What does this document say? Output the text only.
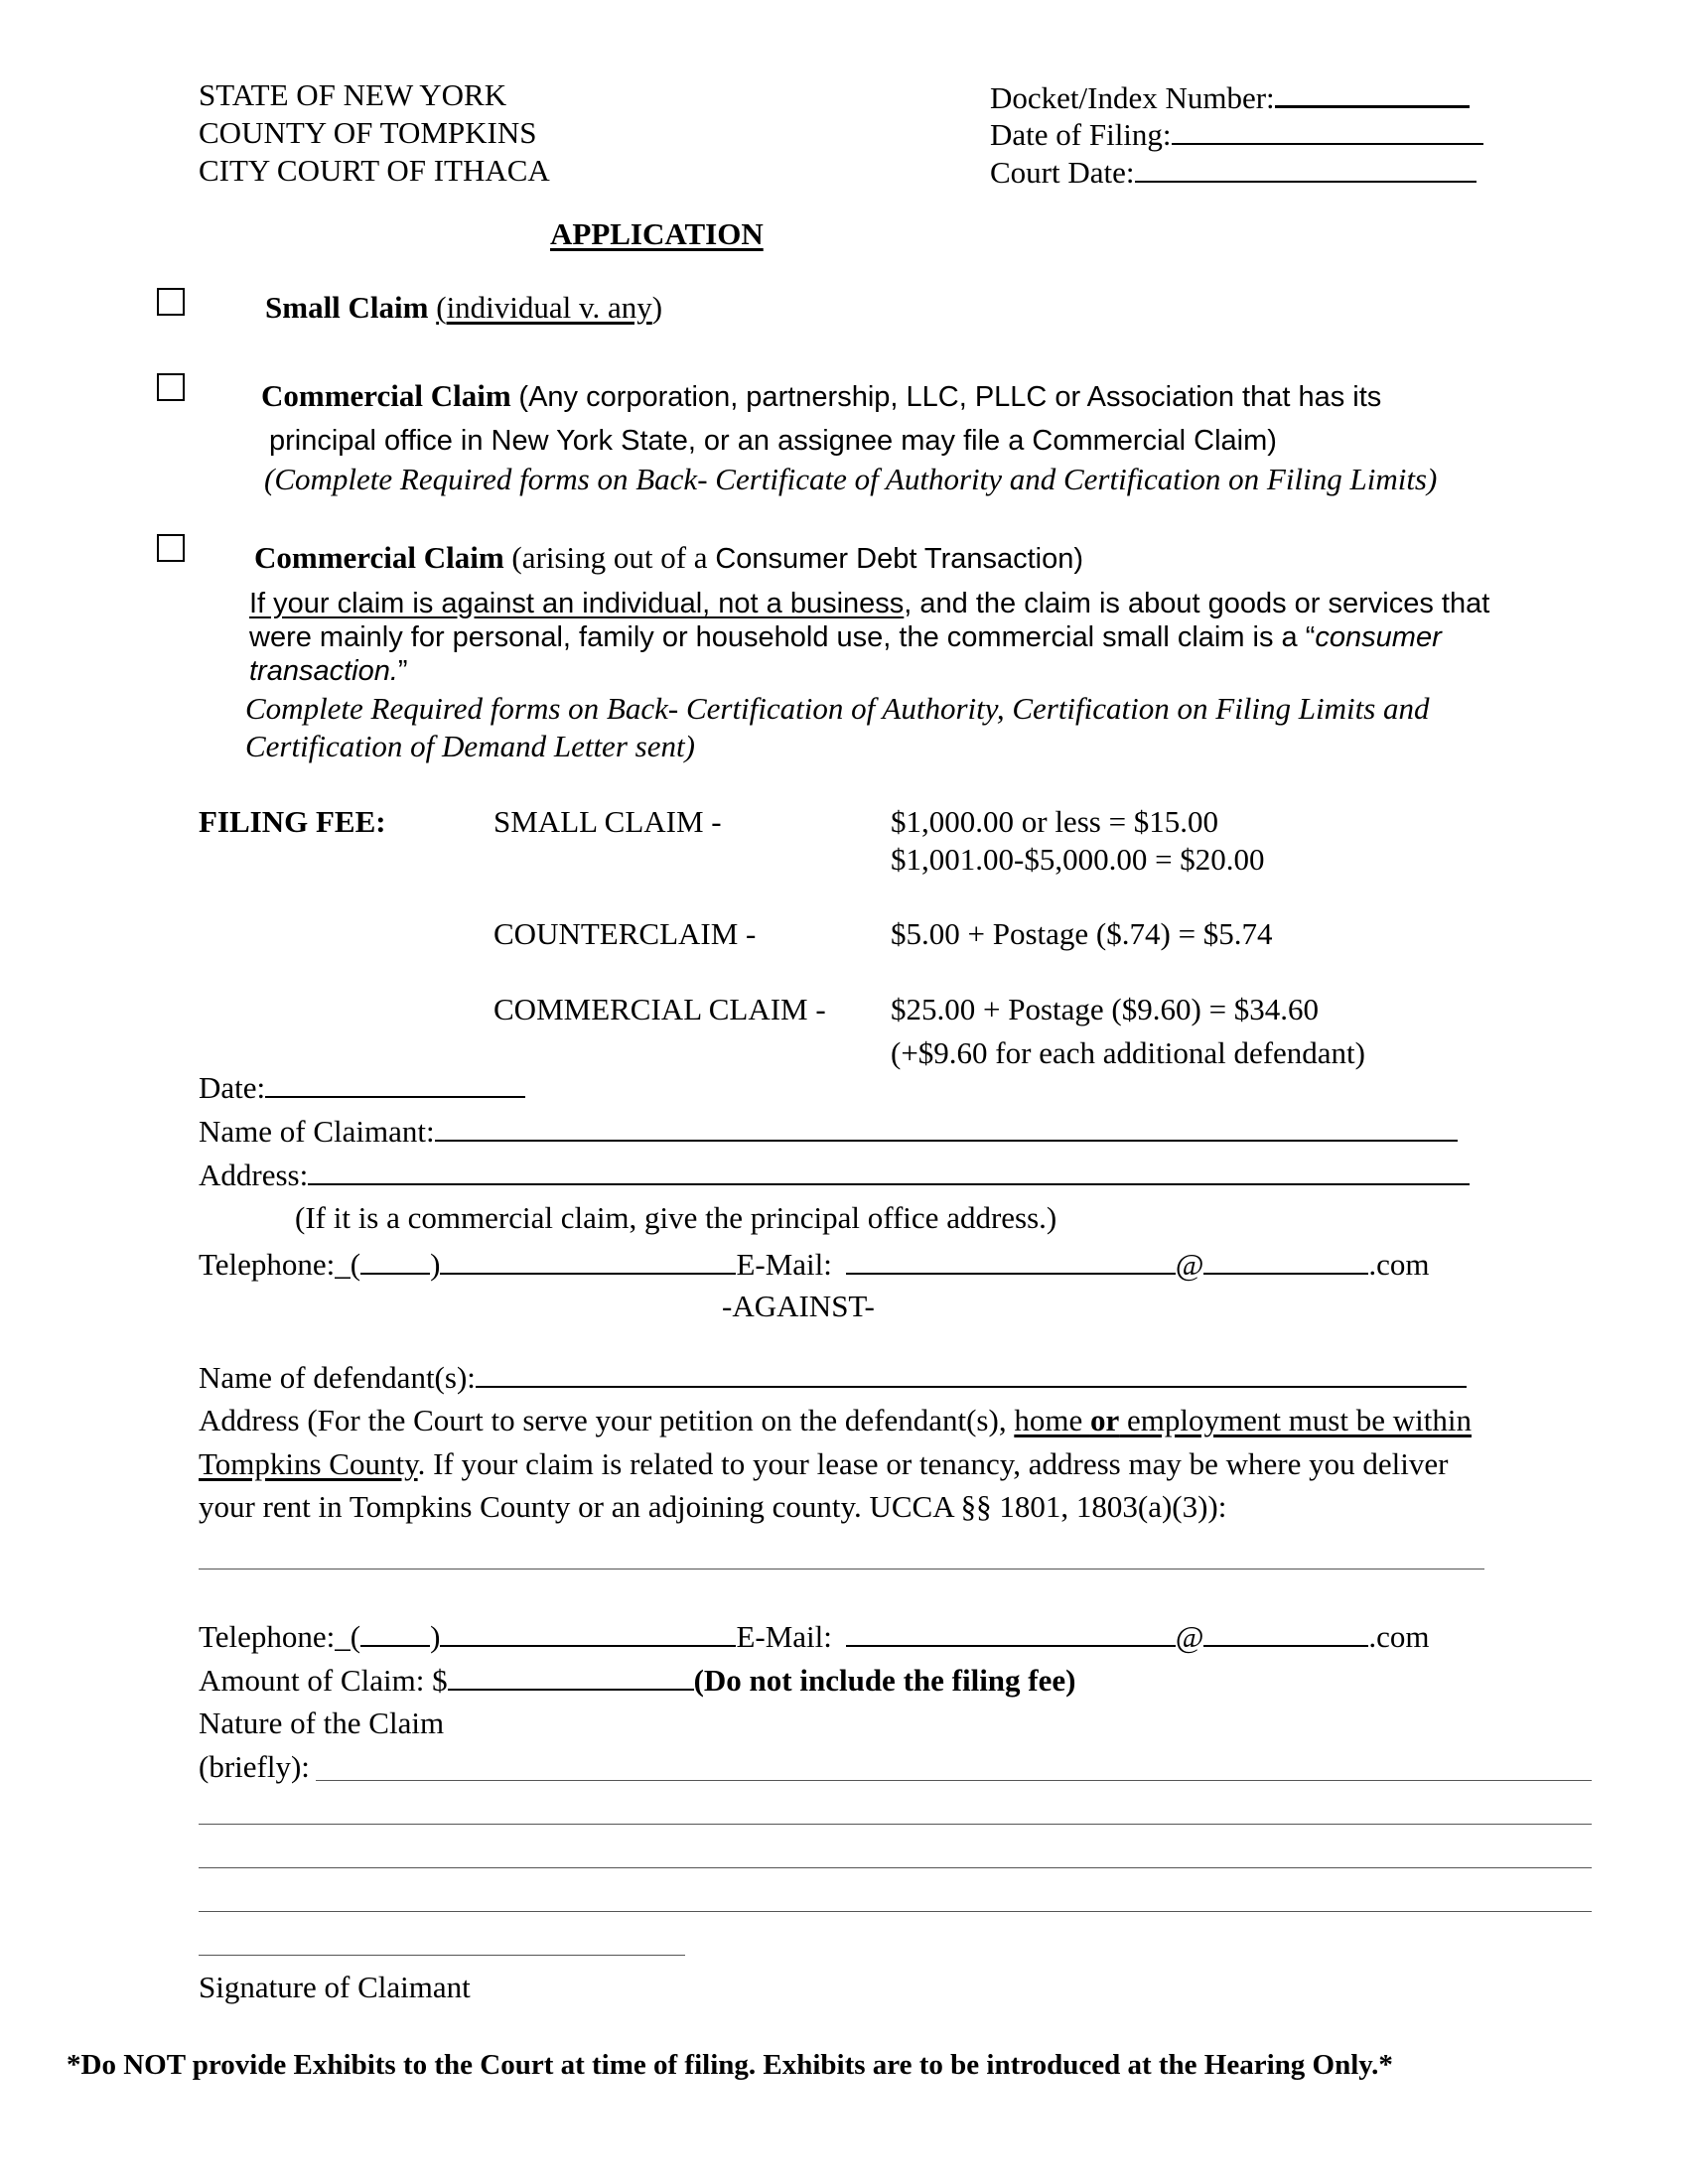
STATE OF NEW YORK
COUNTY OF TOMPKINS
CITY COURT OF ITHACA
Docket/Index Number:
Date of Filing:
Court Date:
APPLICATION
Small Claim (individual v. any)
Commercial Claim (Any corporation, partnership, LLC, PLLC or Association that has its
principal office in New York State, or an assignee may file a Commercial Claim)
(Complete Required forms on Back- Certificate of Authority and Certification on Filing Limits)
Commercial Claim (arising out of a Consumer Debt Transaction)
If your claim is against an individual, not a business, and the claim is about goods or services that
were mainly for personal, family or household use, the commercial small claim is a “consumer
transaction.”
Complete Required forms on Back- Certification of Authority, Certification on Filing Limits and
Certification of Demand Letter sent)
FILING FEE:	SMALL CLAIM -	$1,000.00 or less = $15.00
$1,001.00-$5,000.00 = $20.00
COUNTERCLAIM -	$5.00 + Postage ($.74) = $5.74
COMMERCIAL CLAIM - $25.00 + Postage ($9.60) = $34.60
(+$9.60 for each additional defendant)
Date:
Name of Claimant:
Address:
(If it is a commercial claim, give the principal office address.)
Telephone:_( )	E-Mail:	@	.com
-AGAINST-
Name of defendant(s):
Address (For the Court to serve your petition on the defendant(s), home or employment must be within
Tompkins County. If your claim is related to your lease or tenancy, address may be where you deliver
your rent in Tompkins County or an adjoining county. UCCA §§ 1801, 1803(a)(3)):
Telephone:_( )	E-Mail:	@	.com
Amount of Claim: $	(Do not include the filing fee)
Nature of the Claim
(briefly):
Signature of Claimant
*Do NOT provide Exhibits to the Court at time of filing. Exhibits are to be introduced at the Hearing Only.*
